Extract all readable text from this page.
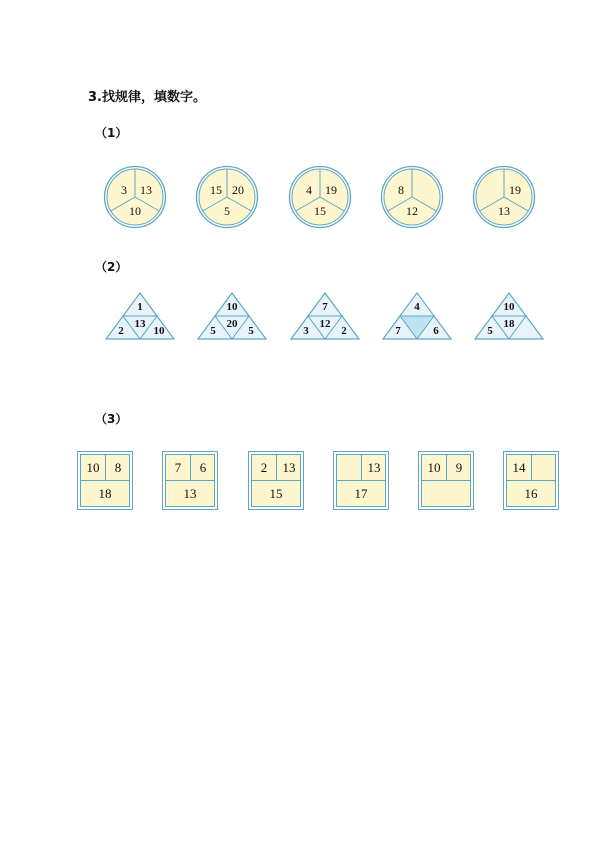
3.找规律，填数字。
（1）
（2）
（3）
3 13
10
15 20
5
4 19
15
8
12
19
13
1
13
2	10
10
20
5	5
7
12
3	2
4
7	6
10
18
5
10	8
18
7	6
13
2	13
15
13
17
10	9	14
16
